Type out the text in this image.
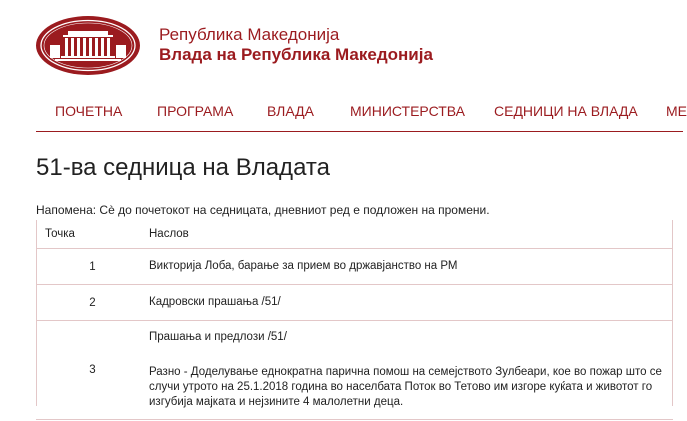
Република Македонија
Влада на Република Македонија
ПОЧЕТНА ПРОГРАМА ВЛАДА	МИНИСТЕРСТВА СЕДНИЦИ НА ВЛАДА МЕ
51-ва седница на Владата
Напомена: Сè до почетокот на седницата, дневниот ред е подложен на промени.
Точка	Наслов
1	Викторија Лоба, барање за прием во државјанство на РМ
2	Кадровски прашања /51/
3	Прашања и предлози /51/
Разно - Доделување еднократна парична помош на семејството Зулбеари, кое во пожар што се случи утрото на 25.1.2018 година во населбата Поток во Тетово им изгоре куќата и животот го изгубија мајката и нејзините 4 малолетни деца.
